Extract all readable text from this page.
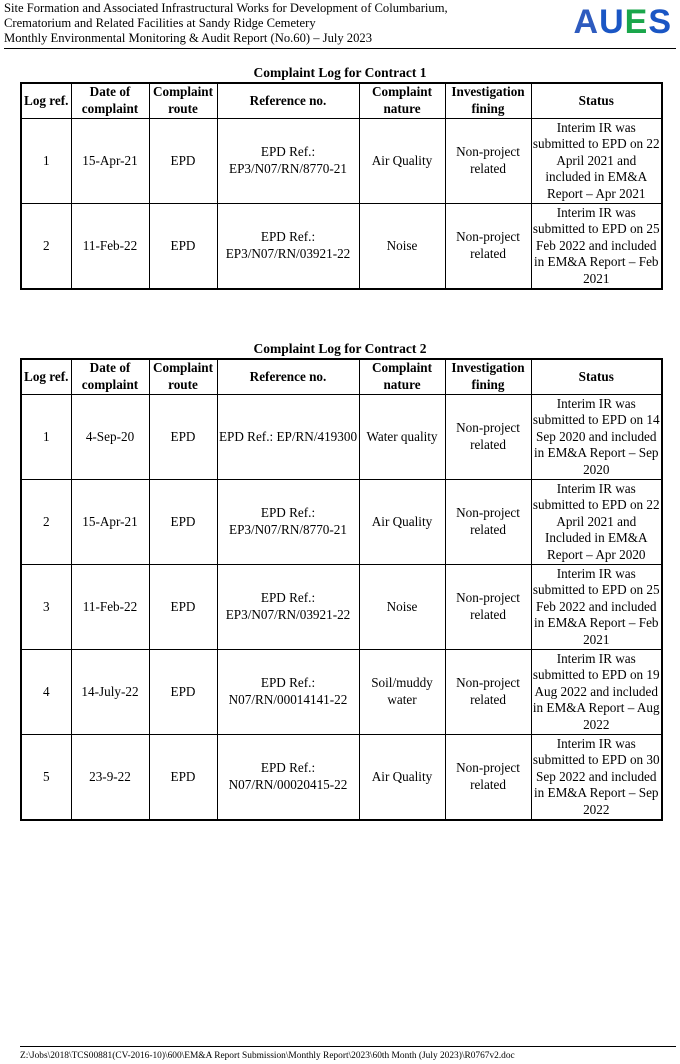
Site Formation and Associated Infrastructural Works for Development of Columbarium,
Crematorium and Related Facilities at Sandy Ridge Cemetery
Monthly Environmental Monitoring & Audit Report (No.60) – July 2023	AUES
Complaint Log for Contract 1
Log ref.	Date of complaint	Complaint route	Reference no.	Complaint nature	Investigation fining	Status
1	15-Apr-21	EPD	EPD Ref.: EP3/N07/RN/8770-21	Air Quality	Non-project related	Interim IR was submitted to EPD on 22 April 2021 and included in EM&A Report – Apr 2021
2	11-Feb-22	EPD	EPD Ref.: EP3/N07/RN/03921-22	Noise	Non-project related	Interim IR was submitted to EPD on 25 Feb 2022 and included in EM&A Report – Feb 2021
Complaint Log for Contract 2
Log ref.	Date of complaint	Complaint route	Reference no.	Complaint nature	Investigation fining	Status
1	4-Sep-20	EPD	EPD Ref.: EP/RN/419300	Water quality	Non-project related	Interim IR was submitted to EPD on 14 Sep 2020 and included in EM&A Report – Sep 2020
2	15-Apr-21	EPD	EPD Ref.: EP3/N07/RN/8770-21	Air Quality	Non-project related	Interim IR was submitted to EPD on 22 April 2021 and Included in EM&A Report – Apr 2020
3	11-Feb-22	EPD	EPD Ref.: EP3/N07/RN/03921-22	Noise	Non-project related	Interim IR was submitted to EPD on 25 Feb 2022 and included in EM&A Report – Feb 2021
4	14-July-22	EPD	EPD Ref.: N07/RN/00014141-22	Soil/muddy water	Non-project related	Interim IR was submitted to EPD on 19 Aug 2022 and included in EM&A Report – Aug 2022
5	23-9-22	EPD	EPD Ref.: N07/RN/00020415-22	Air Quality	Non-project related	Interim IR was submitted to EPD on 30 Sep 2022 and included in EM&A Report – Sep 2022
Z:\Jobs\2018\TCS00881(CV-2016-10)\600\EM&A Report Submission\Monthly Report\2023\60th Month (July 2023)\R0767v2.doc
